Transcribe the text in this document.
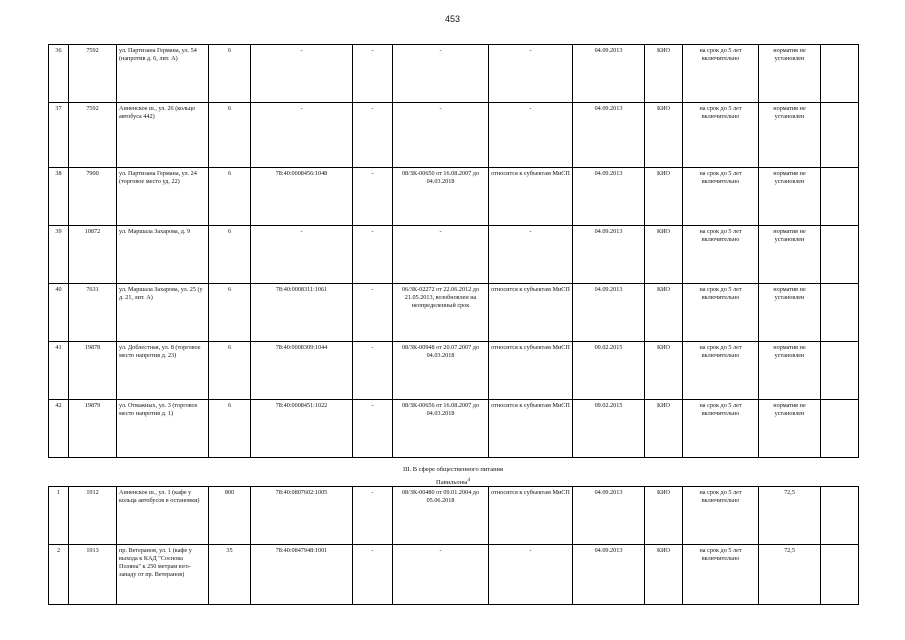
453
36	7592	ул. Партизана Германа, ул. 54 (напротив д. 6, лит. А)	6	-	-	-	-	04.09.2013	КИО	на срок до 5 лет включительно	норматив не установлен	
37	7592	Анненское ш., ул. 26 (кольцо автобуса 442)	6	-	-	-	-	04.09.2013	КИО	на срок до 5 лет включительно	норматив не установлен	
38	7900	ул. Партизана Германа, ул. 24 (торговое место уд. 22)	6	78:40:0008456:1048	-	08/ЗК-00650 от 16.08.2007 до 04.03.2018	относится к субъектам МиСП	04.09.2013	КИО	на срок до 5 лет включительно	норматив не установлен	
39	10872	ул. Маршала Захарова, д. 9	6	-	-	-	-	04.09.2013	КИО	на срок до 5 лет включительно	норматив не установлен	
40	7631	ул. Маршала Захарова, ул. 25 (у д. 21, лит. А)	6	78:40:0008311:1061	-	06/ЗК-02272 от 22.06.2012 до 21.05.2013, возобновлен на неопределенный срок	относится к субъектам МиСП	04.09.2013	КИО	на срок до 5 лет включительно	норматив не установлен	
41	19878	ул. Доблестная, ул. 8 (торговое место напротив д. 23)	6	78:40:0008309:1044	-	08/ЗК-00948 от 20.07.2007 до 04.03.2018	относится к субъектам МиСП	09.02.2015	КИО	на срок до 5 лет включительно	норматив не установлен	
42	19879	ул. Отважных, ул. 3 (торговое место напротив д. 1)	6	78:40:0008451:1022	-	08/ЗК-00656 от 16.08.2007 до 04.03.2018	относится к субъектам МиСП	09.02.2015	КИО	на срок до 5 лет включительно	норматив не установлен	
III. В сфере общественного питания
Павильоны$^4$
1	1912	Анненское ш., ул. 1 (кафе у кольца автобусов в остановки)	800	78:40:0807602:1005	-	08/ЗК-00480 от 09.01.2004 до 05.06.2018	относится к субъектам МиСП	04.09.2013	КИО	на срок до 5 лет включительно	72,5	
2	1913	пр. Ветеранов, ул. 1 (кафе у выхода к КАД "Соснова Поляна" к 250 метрам юго-западу от пр. Ветеранов)	35	78:40:0847948:1001	-	-	-	04.09.2013	КИО	на срок до 5 лет включительно	72,5	
